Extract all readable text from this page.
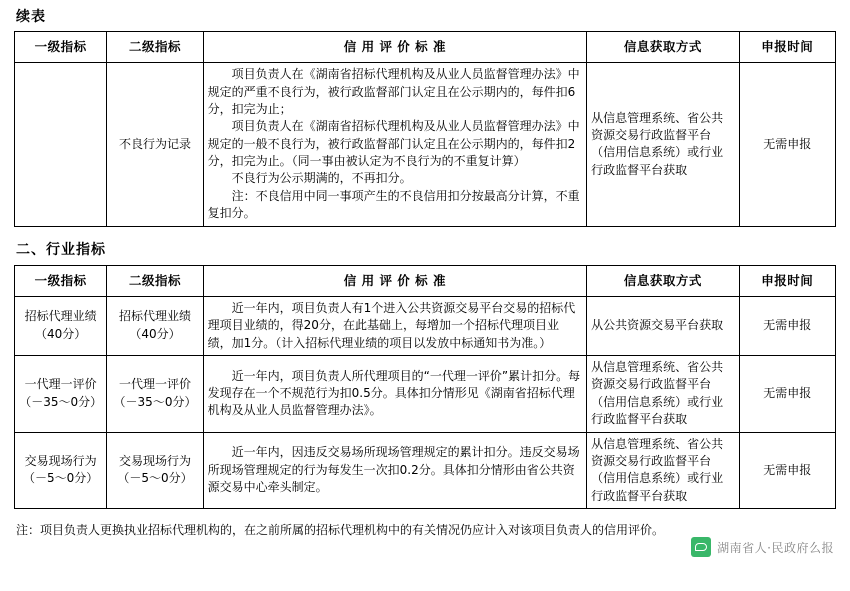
续表
一级指标	二级指标	信 用 评 价 标 准	信息获取方式	申报时间
	不良行为记录	项目负责人在《湖南省招标代理机构及从业人员监督管理办法》中规定的严重不良行为，被行政监督部门认定且在公示期内的，每件扣6分，扣完为止；

项目负责人在《湖南省招标代理机构及从业人员监督管理办法》中规定的一般不良行为，被行政监督部门认定且在公示期内的，每件扣2分，扣完为止。（同一事由被认定为不良行为的不重复计算）

不良行为公示期满的，不再扣分。

注：不良信用中同一事项产生的不良信用扣分按最高分计算，不重复扣分。	从信息管理系统、省公共资源交易行政监督平台（信用信息系统）或行业行政监督平台获取	无需申报
二、行业指标
一级指标	二级指标	信 用 评 价 标 准	信息获取方式	申报时间

招标代理业绩
（40分）	招标代理业绩
（40分）	近一年内，项目负责人有1个进入公共资源交易平台交易的招标代理项目业绩的，得20分，在此基础上，每增加一个招标代理项目业绩，加1分。（计入招标代理业绩的项目以发放中标通知书为准。）	从公共资源交易平台获取	无需申报

一代理一评价
（－35～0分）	一代理一评价
（－35～0分）	近一年内，项目负责人所代理项目的“一代理一评价”累计扣分。每发现存在一个不规范行为扣0.5分。具体扣分情形见《湖南省招标代理机构及从业人员监督管理办法》。	从信息管理系统、省公共资源交易行政监督平台（信用信息系统）或行业行政监督平台获取	无需申报

交易现场行为
（－5～0分）	交易现场行为
（－5～0分）	近一年内，因违反交易场所现场管理规定的累计扣分。违反交易场所现场管理规定的行为每发生一次扣0.2分。具体扣分情形由省公共资源交易中心牵头制定。	从信息管理系统、省公共资源交易行政监督平台（信用信息系统）或行业行政监督平台获取	无需申报
注：项目负责人更换执业招标代理机构的，在之前所属的招标代理机构中的有关情况仍应计入对该项目负责人的信用评价。
湖南省人·民政府么报
